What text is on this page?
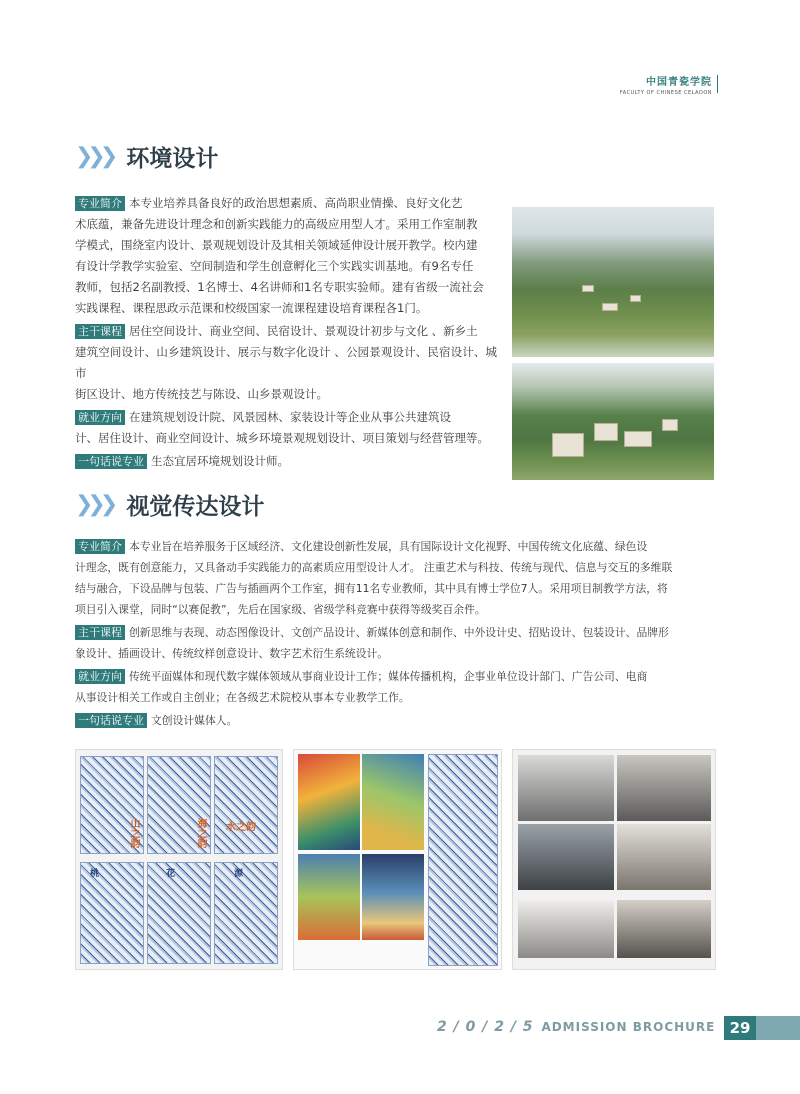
中国青瓷学院
FACULTY OF CHINESE CELADON
❯❯❯ 环境设计
专业简介 本专业培养具备良好的政治思想素质、高尚职业情操、良好文化艺
术底蕴，兼备先进设计理念和创新实践能力的高级应用型人才。采用工作室制教
学模式，围绕室内设计、景观规划设计及其相关领域延伸设计展开教学。校内建
有设计学教学实验室、空间制造和学生创意孵化三个实践实训基地。有9名专任
教师，包括2名副教授、1名博士、4名讲师和1名专职实验师。建有省级一流社会
实践课程、课程思政示范课和校级国家一流课程建设培育课程各1门。
主干课程 居住空间设计、商业空间、民宿设计、景观设计初步与文化 、新乡土
建筑空间设计、山乡建筑设计、展示与数字化设计 、公园景观设计、民宿设计、城市
街区设计、地方传统技艺与陈设、山乡景观设计。
就业方向 在建筑规划设计院、风景园林、家装设计等企业从事公共建筑设
计、居住设计、商业空间设计、城乡环境景观规划设计、项目策划与经营管理等。
一句话说专业 生态宜居环境规划设计师。
❯❯❯ 视觉传达设计
专业简介 本专业旨在培养服务于区域经济、文化建设创新性发展，具有国际设计文化视野、中国传统文化底蕴、绿色设
计理念，既有创意能力，又具备动手实践能力的高素质应用型设计人才。 注重艺术与科技、传统与现代、信息与交互的多维联
结与融合，下设品牌与包装、广告与插画两个工作室，拥有11名专业教师，其中具有博士学位7人。采用项目制教学方法，将
项目引入课堂，同时“以赛促教”，先后在国家级、省级学科竞赛中获得等级奖百余件。
主干课程 创新思维与表现、动态图像设计、文创产品设计、新媒体创意和制作、中外设计史、招贴设计、包装设计、品牌形
象设计、插画设计、传统纹样创意设计、数字艺术衍生系统设计。
就业方向 传统平面媒体和现代数字媒体领域从事商业设计工作；媒体传播机构，企事业单位设计部门、广告公司、电商
从事设计相关工作或自主创业；在各级艺术院校从事本专业教学工作。
一句话说专业 文创设计媒体人。
山之韵	海之韵 水之韵
桃	花	源
2 / 0 / 2 / 5 ADMISSION BROCHURE 29
